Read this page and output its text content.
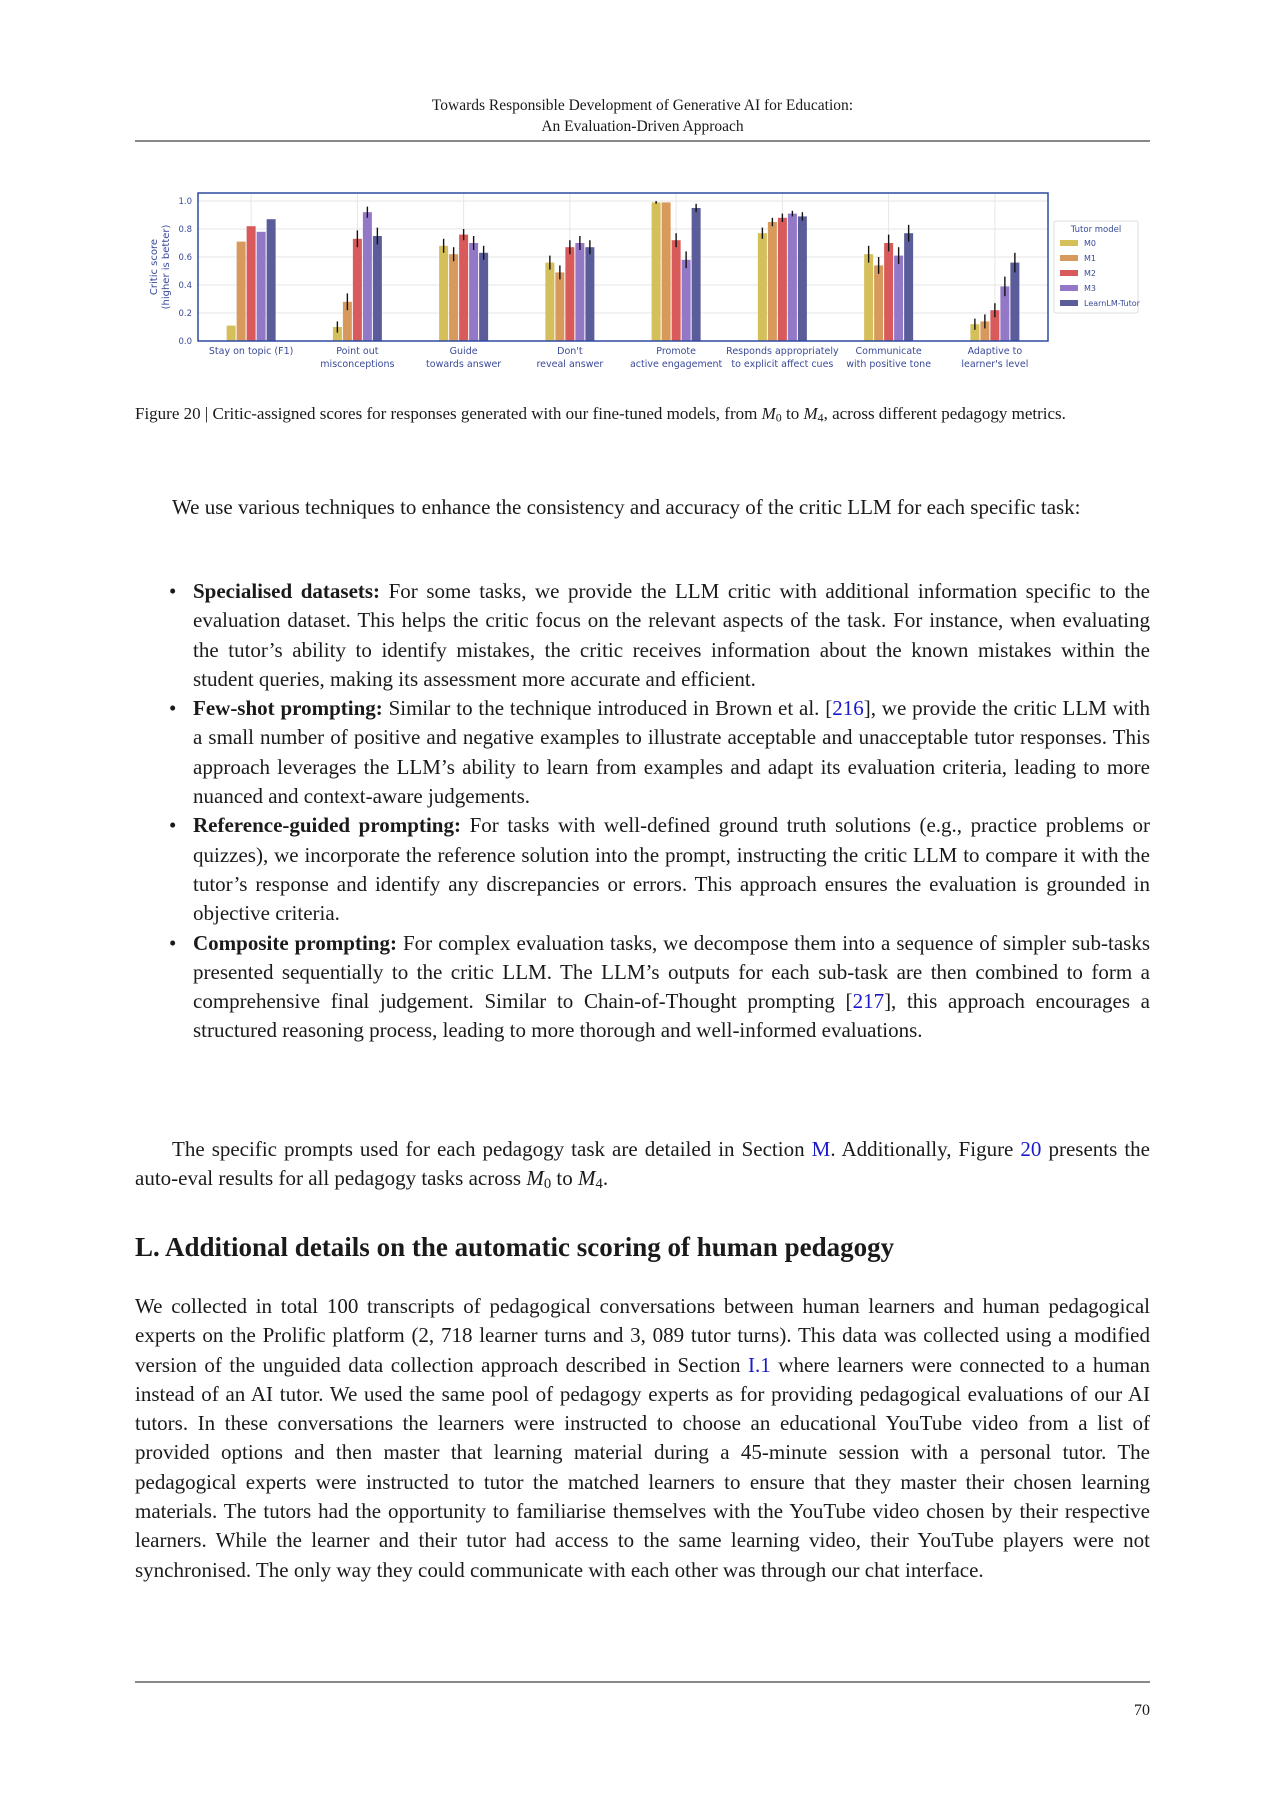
Towards Responsible Development of Generative AI for Education:
An Evaluation-Driven Approach
0.0
0.2
0.4
0.6
0.8
1.0
Stay on topic (F1)	Point out
misconceptions
Guide
towards answer
Don't
reveal answer
Promote
active engagement
Responds appropriately
to explicit affect cues
Communicate
with positive tone
Adaptive to
learner's level
Critic score (higher is better)	Tutor model
M0
M1
M2
M3
LearnLM-Tutor
Figure 20 | Critic-assigned scores for responses generated with our fine-tuned models, from $M_0$ to $M_4$, across different pedagogy metrics.
We use various techniques to enhance the consistency and accuracy of the critic LLM for each specific task:
• Specialised datasets: For some tasks, we provide the LLM critic with additional information specific to the evaluation dataset. This helps the critic focus on the relevant aspects of the task. For instance, when evaluating the tutor’s ability to identify mistakes, the critic receives information about the known mistakes within the student queries, making its assessment more accurate and efficient.
• Few-shot prompting: Similar to the technique introduced in Brown et al. [216], we provide the critic LLM with a small number of positive and negative examples to illustrate acceptable and unacceptable tutor responses. This approach leverages the LLM’s ability to learn from examples and adapt its evaluation criteria, leading to more nuanced and context-aware judgements.
• Reference-guided prompting: For tasks with well-defined ground truth solutions (e.g., practice problems or quizzes), we incorporate the reference solution into the prompt, instructing the critic LLM to compare it with the tutor’s response and identify any discrepancies or errors. This approach ensures the evaluation is grounded in objective criteria.
• Composite prompting: For complex evaluation tasks, we decompose them into a sequence of simpler sub-tasks presented sequentially to the critic LLM. The LLM’s outputs for each sub-task are then combined to form a comprehensive final judgement. Similar to Chain-of-Thought prompting [217], this approach encourages a structured reasoning process, leading to more thorough and well-informed evaluations.
The specific prompts used for each pedagogy task are detailed in Section M. Additionally, Figure 20 presents the auto-eval results for all pedagogy tasks across $M_0$ to $M_4$.
L. Additional details on the automatic scoring of human pedagogy
We collected in total 100 transcripts of pedagogical conversations between human learners and human pedagogical experts on the Prolific platform (2, 718 learner turns and 3, 089 tutor turns). This data was collected using a modified version of the unguided data collection approach described in Section I.1 where learners were connected to a human instead of an AI tutor. We used the same pool of pedagogy experts as for providing pedagogical evaluations of our AI tutors. In these conversations the learners were instructed to choose an educational YouTube video from a list of provided options and then master that learning material during a 45-minute session with a personal tutor. The pedagogical experts were instructed to tutor the matched learners to ensure that they master their chosen learning materials. The tutors had the opportunity to familiarise themselves with the YouTube video chosen by their respective learners. While the learner and their tutor had access to the same learning video, their YouTube players were not synchronised. The only way they could communicate with each other was through our chat interface.
70
